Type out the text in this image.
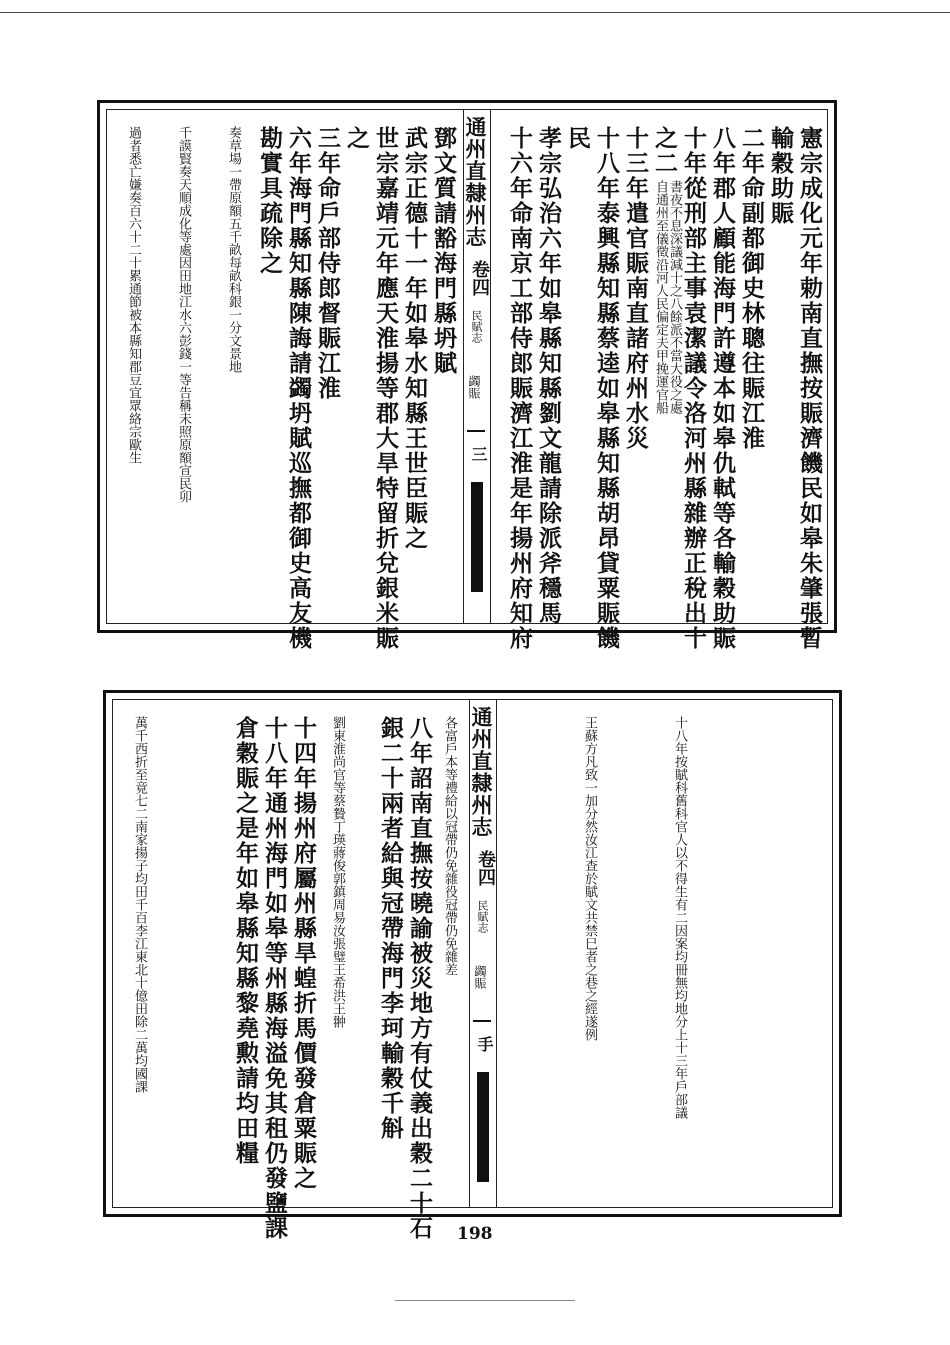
憲宗成化元年勅南直撫按賑濟饑民如皋朱肇張暫
輸穀助賑
二年命副都御史林聰往賑江淮
八年郡人顧能海門許遵本如皋仇軾等各輸穀助賑
十年從刑部主事袁潔議令洛河州縣雜辦正稅出十
之二
書夜不息深議減十之八餘派不當大役之處
自通州至儀徵沿河人民偏定夫甲挽運官船
十三年遣官賑南直諸府州水災
十八年泰興縣知縣蔡逵如皋縣知縣胡昂貸粟賑饑
民
孝宗弘治六年如皋縣知縣劉文龍請除派斧穩馬
十六年命南京工部侍郎賑濟江淮是年揚州府知府
通州直隸州志
卷四
民賦志
蠲賑
三
鄧文質請豁海門縣坍賦
武宗正德十一年如皋水知縣王世臣賑之
世宗嘉靖元年應天淮揚等郡大旱特留折兌銀米賑
之
三年命戶部侍郎督賑江淮
六年海門縣知縣陳誨請蠲坍賦巡撫都御史高友機
勘實具疏除之
奏草場一帶原額五千畝每畝科銀一分文景地
千謨賢奏天順成化等處因田地江水六彭錢一等告稱未照原額宣民卯
過者悉亡嫌奏百六十二十累通節被本縣知郡豆宜眾絡宗歐生
十八年按賦科舊科官人以不得生有二因案均冊無均地分上十三年戶部議
王蘇方凡致一加分然汝江查於賦文共禁巳者之巷之經遂例
通州直隸州志
卷四
民賦志
蠲賑
手
各富戶本等禮給以冠帶仍免雜役冠帶仍免雜差
八年詔南直撫按曉諭被災地方有仗義出穀二十石
銀二十兩者給與冠帶海門李珂輸穀千斛
劉東淮尚官等蔡贄丁瑛蔣俊郭鎮周易汝張璧王希洪王翀
十四年揚州府屬州縣旱蝗折馬價發倉粟賑之
十八年通州海門如皋等州縣海溢免其租仍發鹽課
倉穀賑之是年如皋縣知縣黎堯勲請均田糧
萬千西折至竟七二南家揚子均田千百李江東北十億田除二萬均國課
198
